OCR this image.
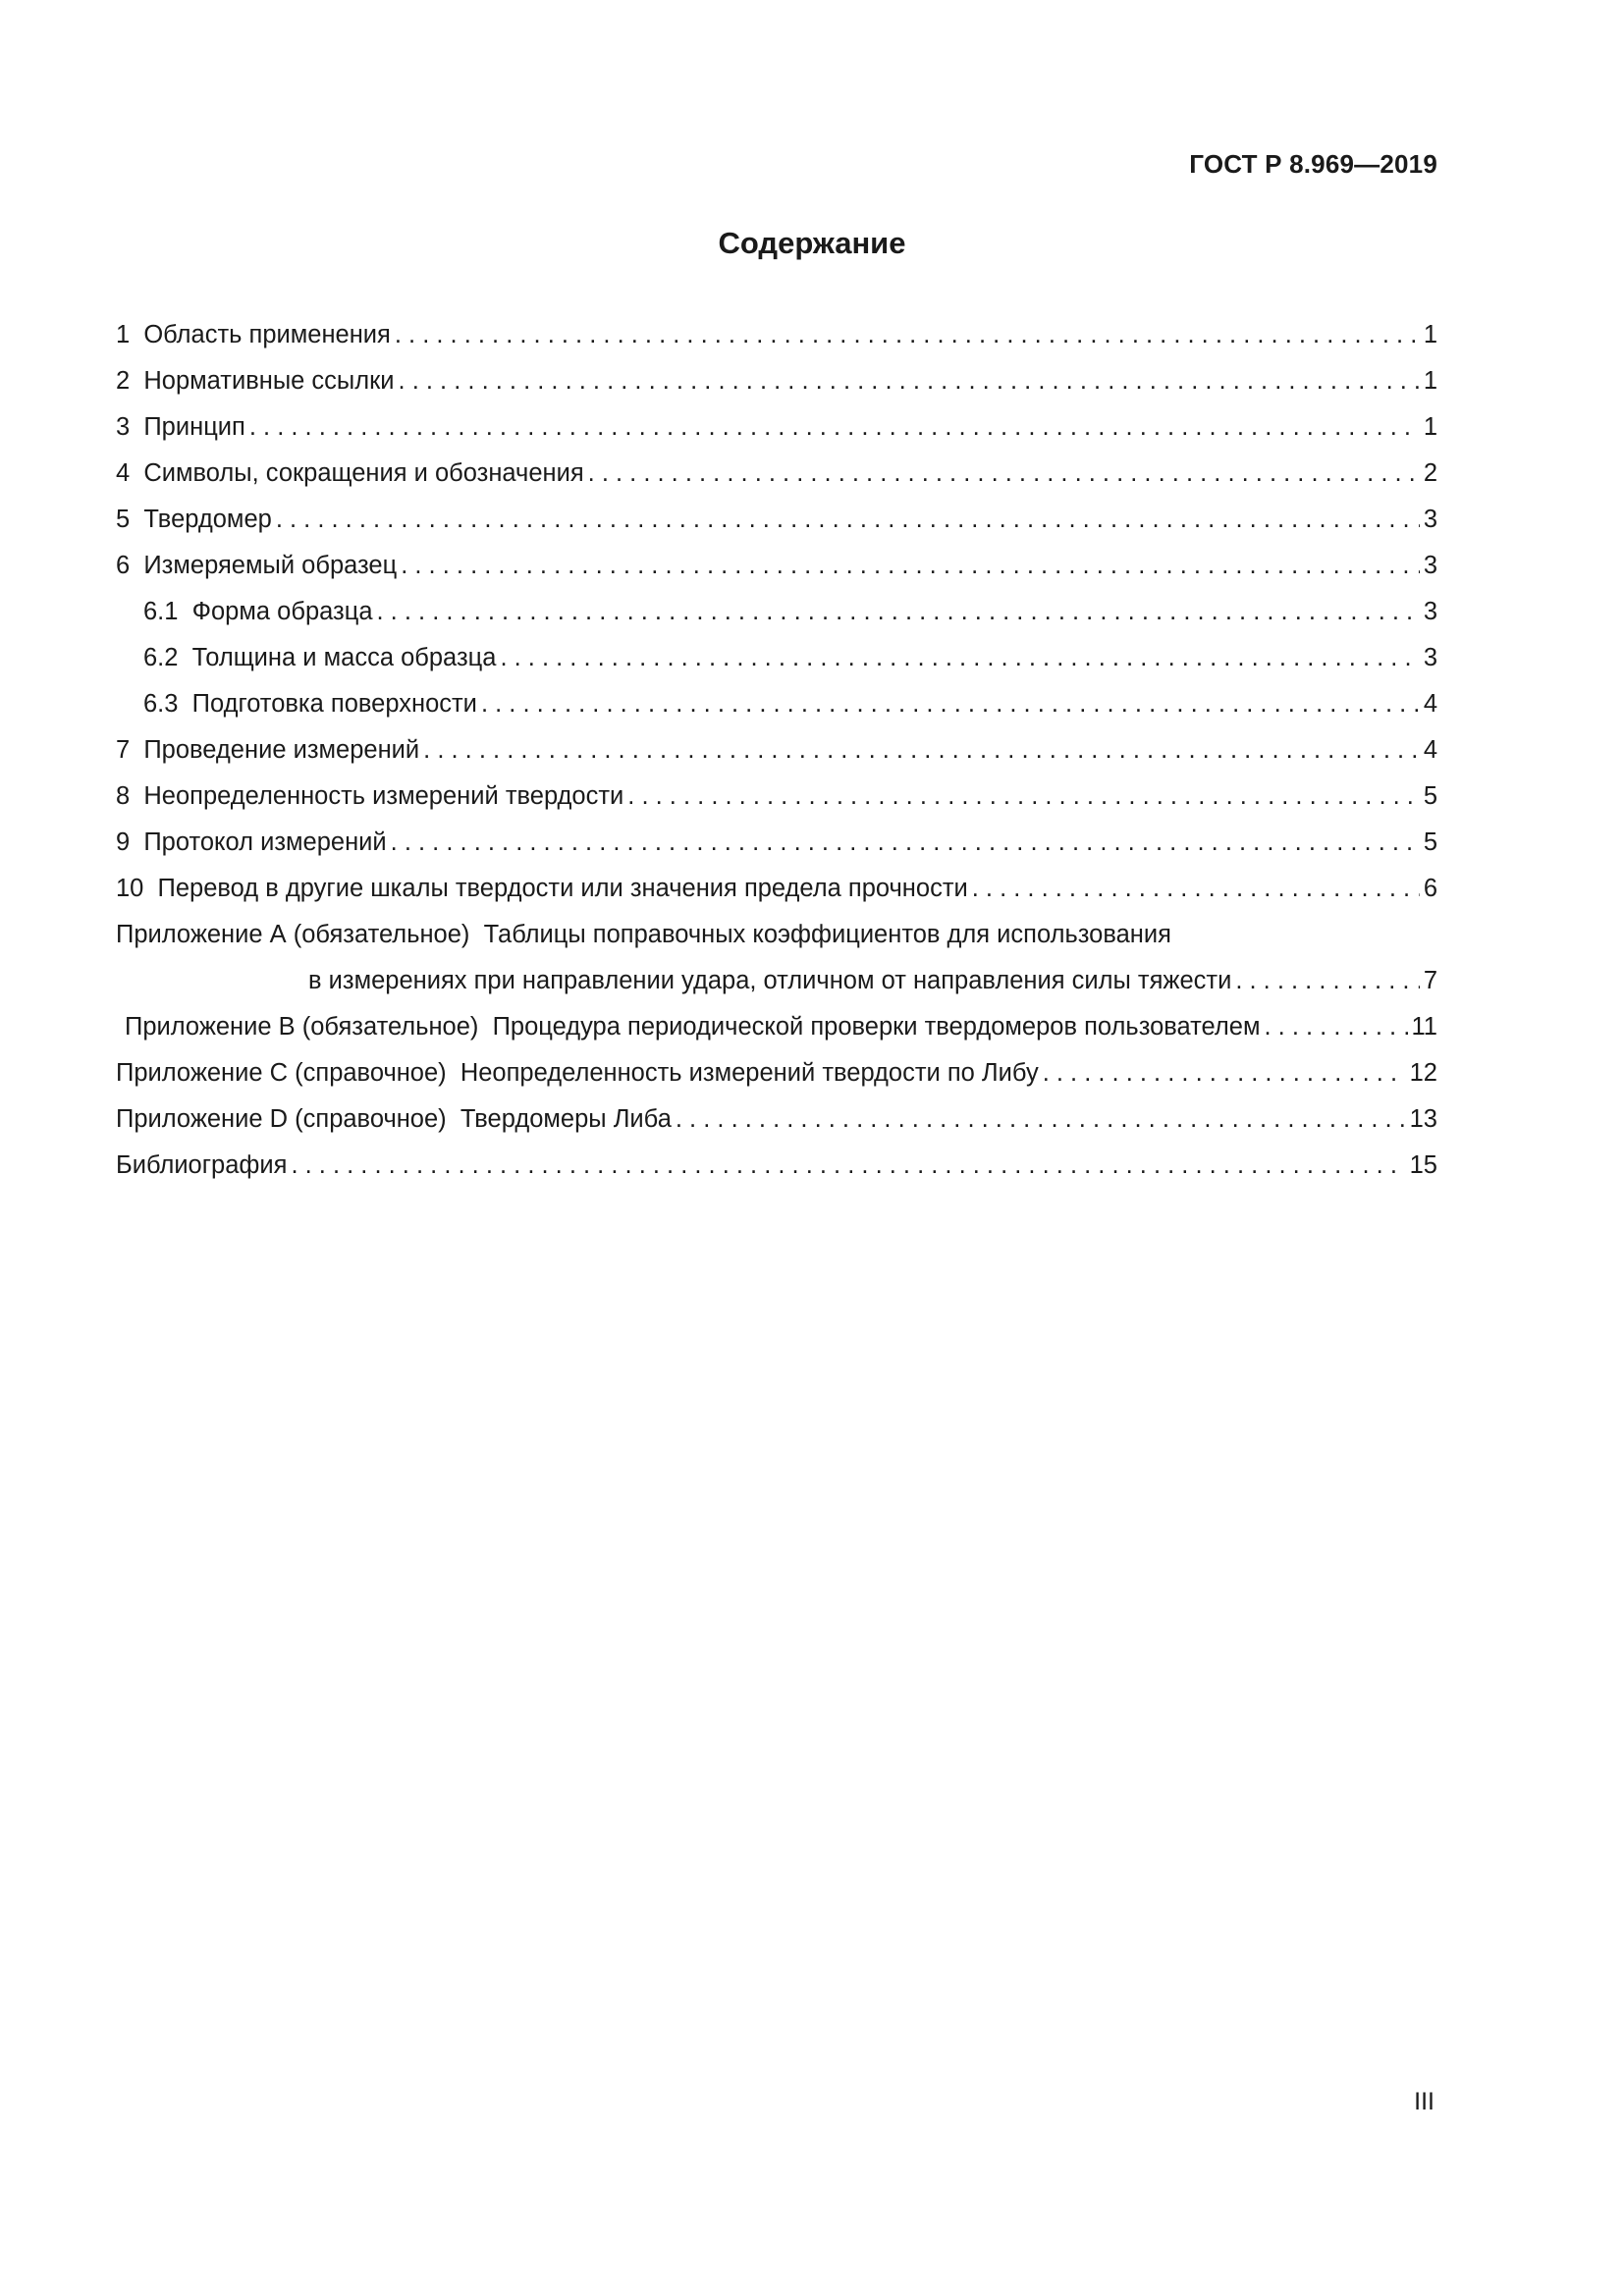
ГОСТ Р 8.969—2019
Содержание
1  Область применения . . .	1
2  Нормативные ссылки . . .	1
3  Принцип . . .	1
4  Символы, сокращения и обозначения . . .	2
5  Твердомер . . .	3
6  Измеряемый образец . . .	3
6.1  Форма образца . . .	3
6.2  Толщина и масса образца . . .	3
6.3  Подготовка поверхности . . .	4
7  Проведение измерений . . .	4
8  Неопределенность измерений твердости . . .	5
9  Протокол измерений . . .	5
10  Перевод в другие шкалы твердости или значения предела прочности . . .	6
Приложение А (обязательное)  Таблицы поправочных коэффициентов для использования
в измерениях при направлении удара, отличном от направления силы тяжести . . .	7
Приложение В (обязательное)  Процедура периодической проверки твердомеров пользователем . . .	11
Приложение С (справочное)  Неопределенность измерений твердости по Либу . . .	12
Приложение D (справочное)  Твердомеры Либа . . .	13
Библиография . . .	15
III
